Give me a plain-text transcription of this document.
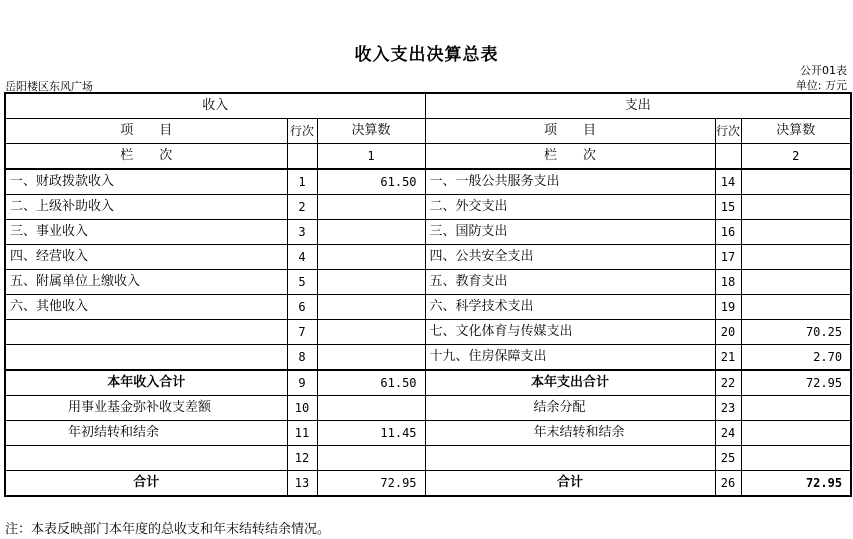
收入支出决算总表
公开01表
单位: 万元
岳阳楼区东风广场
收入			支出		
项　　目	行次	决算数	项　　目	行次	决算数
栏　　次		1	栏　　次		2
一、财政拨款收入	1	61.50	一、一般公共服务支出	14	
二、上级补助收入	2		二、外交支出	15	
三、事业收入	3		三、国防支出	16	
四、经营收入	4		四、公共安全支出	17	
五、附属单位上缴收入	5		五、教育支出	18	
六、其他收入	6		六、科学技术支出	19	
	7		七、文化体育与传媒支出	20	70.25
	8		十九、住房保障支出	21	2.70
本年收入合计	9	61.50	本年支出合计	22	72.95
用事业基金弥补收支差额	10		结余分配	23	
年初结转和结余	11	11.45	年末结转和结余	24	
	12			25	
合计	13	72.95	合计	26	72.95
注：本表反映部门本年度的总收支和年末结转结余情况。
